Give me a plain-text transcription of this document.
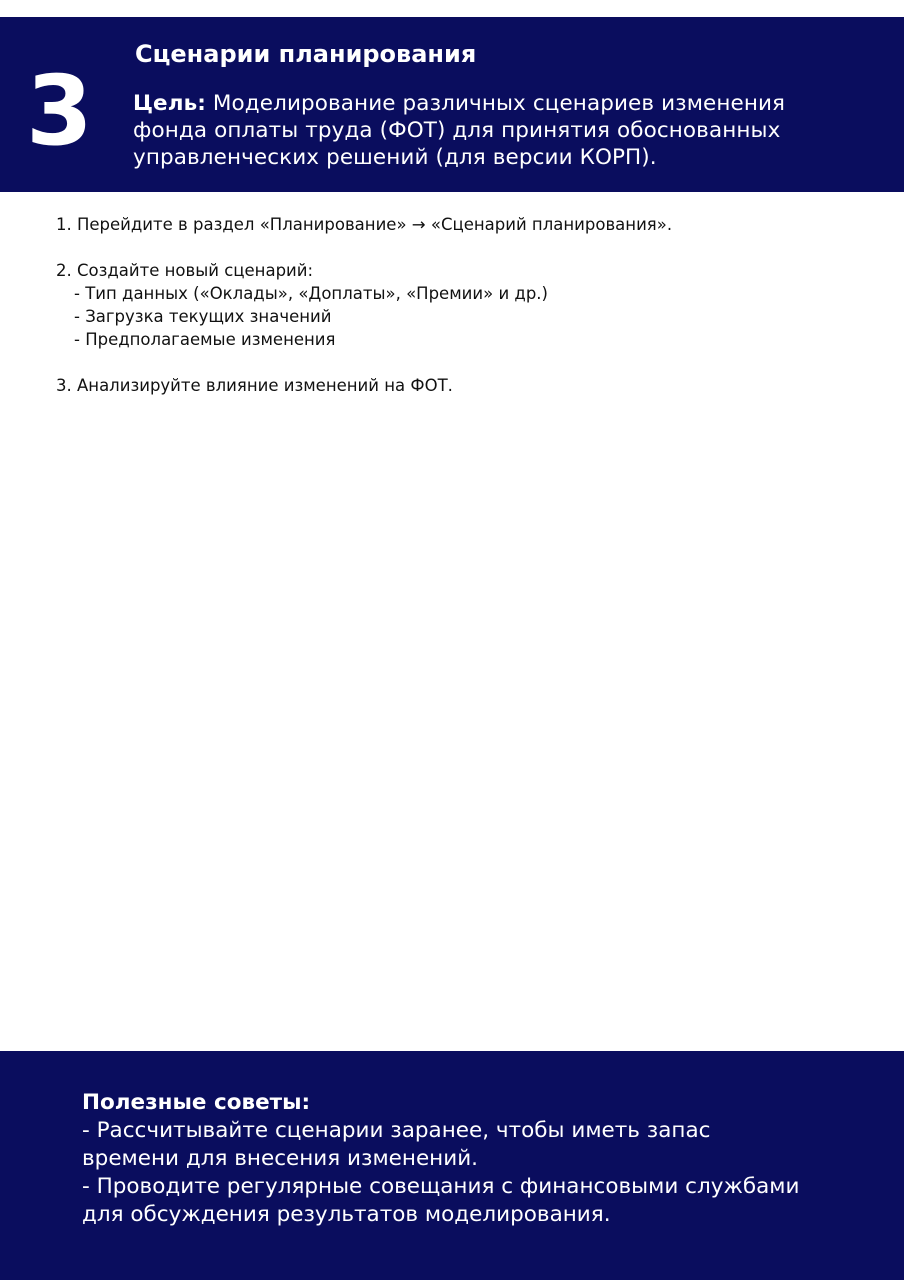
3
Сценарии планирования
Цель: Моделирование различных сценариев изменения
фонда оплаты труда (ФОТ) для принятия обоснованных
управленческих решений (для версии КОРП).

1. Перейдите в раздел «Планирование» → «Сценарий планирования».

2. Создайте новый сценарий:

- Тип данных («Оклады», «Доплаты», «Премии» и др.)

- Загрузка текущих значений

- Предполагаемые изменения

3. Анализируйте влияние изменений на ФОТ.

Полезные советы:

- Рассчитывайте сценарии заранее, чтобы иметь запас

времени для внесения изменений.

- Проводите регулярные совещания с финансовыми службами

для обсуждения результатов моделирования.
